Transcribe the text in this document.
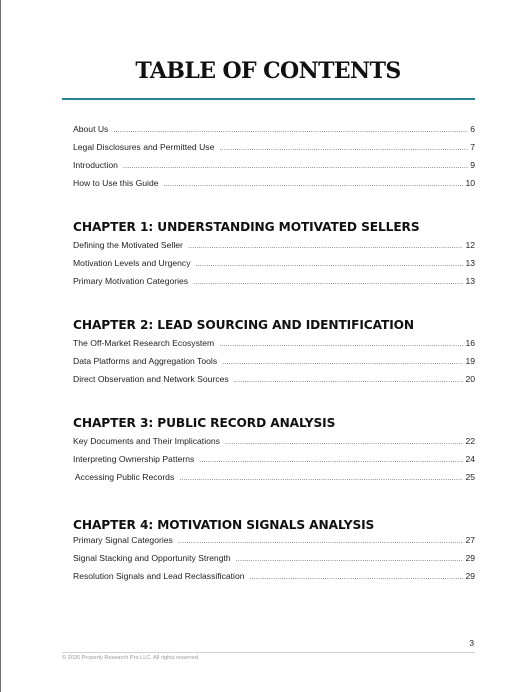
TABLE OF CONTENTS
About Us .....	6
Legal Disclosures and Permitted Use .....	7
Introduction .....	9
How to Use this Guide .....	10
CHAPTER 1: UNDERSTANDING MOTIVATED SELLERS
Defining the Motivated Seller .....	12
Motivation Levels and Urgency .....	13
Primary Motivation Categories .....	13
CHAPTER 2: LEAD SOURCING AND IDENTIFICATION
The Off-Market Research Ecosystem .....	16
Data Platforms and Aggregation Tools .....	19
Direct Observation and Network Sources .....	20
CHAPTER 3: PUBLIC RECORD ANALYSIS
Key Documents and Their Implications .....	22
Interpreting Ownership Patterns .....	24
Accessing Public Records .....	25
CHAPTER 4: MOTIVATION SIGNALS ANALYSIS
Primary Signal Categories .....	27
Signal Stacking and Opportunity Strength .....	29
Resolution Signals and Lead Reclassification .....	29
3
© 2026 Property Research Pro LLC. All rights reserved.
